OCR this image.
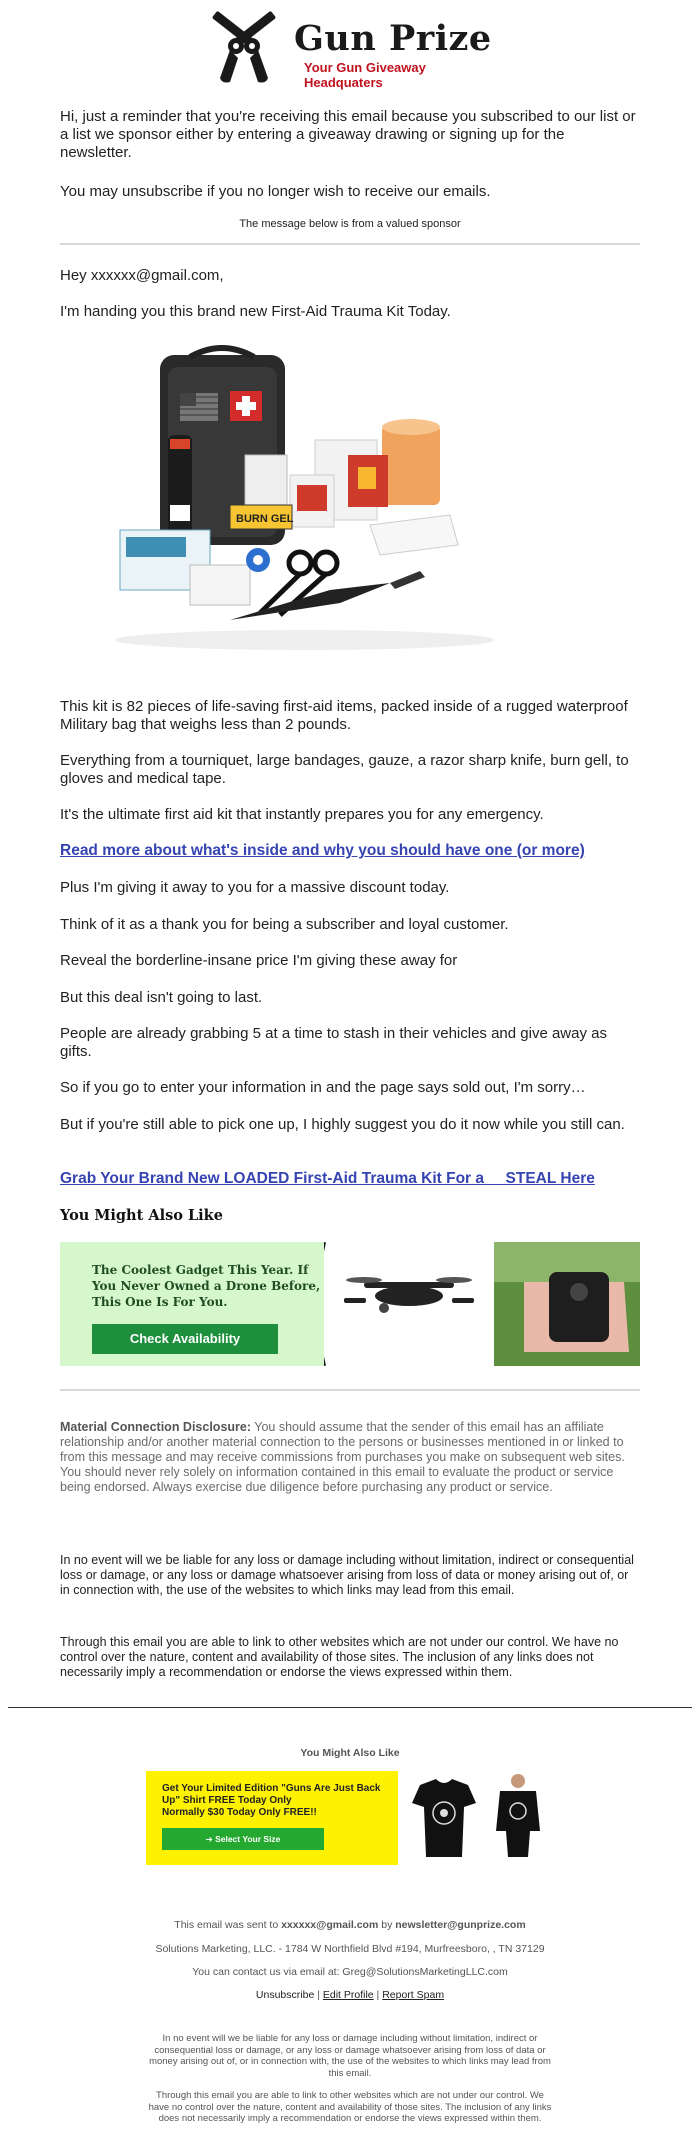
Gun Prize
Your Gun Giveaway Headquaters

Hi, just a reminder that you're receiving this email because you subscribed to our list or a list we sponsor either by entering a giveaway drawing or signing up for the newsletter.

You may unsubscribe if you no longer wish to receive our emails.

The message below is from a valued sponsor

Hey xxxxxx@gmail.com,

I'm handing you this brand new First-Aid Trauma Kit Today.

BURN GEL

This kit is 82 pieces of life-saving first-aid items, packed inside of a rugged waterproof Military bag that weighs less than 2 pounds.

Everything from a tourniquet, large bandages, gauze, a razor sharp knife, burn gell, to gloves and medical tape.

It's the ultimate first aid kit that instantly prepares you for any emergency.

Read more about what's inside and why you should have one (or more)

Plus I'm giving it away to you for a massive discount today.

Think of it as a thank you for being a subscriber and loyal customer.

Reveal the borderline-insane price I'm giving these away for

But this deal isn't going to last.

People are already grabbing 5 at a time to stash in their vehicles and give away as gifts.

So if you go to enter your information in and the page says sold out, I'm sorry…

But if you're still able to pick one up, I highly suggest you do it now while you still can.

Grab Your Brand New LOADED First-Aid Trauma Kit For a     STEAL Here
You Might Also Like
The Coolest Gadget This Year. If You Never Owned a Drone Before, This One Is For You.
Check Availability

Material Connection Disclosure: You should assume that the sender of this email has an affiliate relationship and/or another material connection to the persons or businesses mentioned in or linked to from this message and may receive commissions from purchases you make on subsequent web sites. You should never rely solely on information contained in this email to evaluate the product or service being endorsed. Always exercise due diligence before purchasing any product or service.

In no event will we be liable for any loss or damage including without limitation, indirect or consequential loss or damage, or any loss or damage whatsoever arising from loss of data or money arising out of, or in connection with, the use of the websites to which links may lead from this email.

Through this email you are able to link to other websites which are not under our control. We have no control over the nature, content and availability of those sites. The inclusion of any links does not necessarily imply a recommendation or endorse the views expressed within them.

You Might Also Like
Get Your Limited Edition "Guns Are Just Back Up" Shirt FREE Today Only
Normally $30 Today Only FREE!!
➔ Select Your Size
This email was sent to xxxxxx@gmail.com by newsletter@gunprize.com
Solutions Marketing, LLC. - 1784 W Northfield Blvd #194, Murfreesboro, , TN 37129
You can contact us via email at: Greg@SolutionsMarketingLLC.com
Unsubscribe | Edit Profile | Report Spam

In no event will we be liable for any loss or damage including without limitation, indirect or consequential loss or damage, or any loss or damage whatsoever arising from loss of data or money arising out of, or in connection with, the use of the websites to which links may lead from this email.

Through this email you are able to link to other websites which are not under our control. We have no control over the nature, content and availability of those sites. The inclusion of any links does not necessarily imply a recommendation or endorse the views expressed within them.
